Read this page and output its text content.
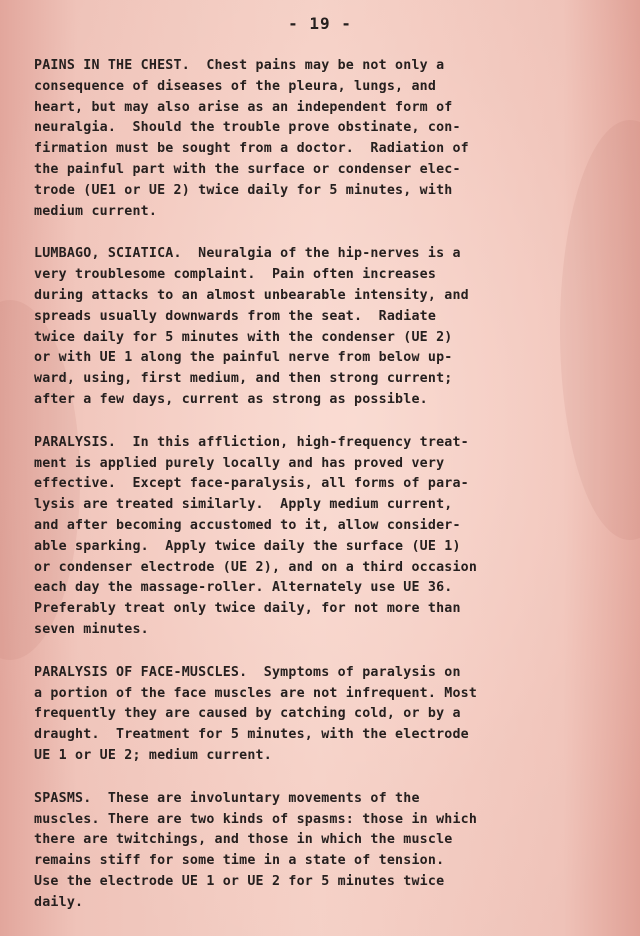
- 19 -
PAINS IN THE CHEST.  Chest pains may be not only a
consequence of diseases of the pleura, lungs, and
heart, but may also arise as an independent form of
neuralgia.  Should the trouble prove obstinate, con-
firmation must be sought from a doctor.  Radiation of
the painful part with the surface or condenser elec-
trode (UE1 or UE 2) twice daily for 5 minutes, with
medium current.
LUMBAGO, SCIATICA.  Neuralgia of the hip-nerves is a
very troublesome complaint.  Pain often increases
during attacks to an almost unbearable intensity, and
spreads usually downwards from the seat.  Radiate
twice daily for 5 minutes with the condenser (UE 2)
or with UE 1 along the painful nerve from below up-
ward, using, first medium, and then strong current;
after a few days, current as strong as possible.
PARALYSIS.  In this affliction, high-frequency treat-
ment is applied purely locally and has proved very
effective.  Except face-paralysis, all forms of para-
lysis are treated similarly.  Apply medium current,
and after becoming accustomed to it, allow consider-
able sparking.  Apply twice daily the surface (UE 1)
or condenser electrode (UE 2), and on a third occasion
each day the massage-roller. Alternately use UE 36.
Preferably treat only twice daily, for not more than
seven minutes.
PARALYSIS OF FACE-MUSCLES.  Symptoms of paralysis on
a portion of the face muscles are not infrequent. Most
frequently they are caused by catching cold, or by a
draught.  Treatment for 5 minutes, with the electrode
UE 1 or UE 2; medium current.
SPASMS.  These are involuntary movements of the
muscles. There are two kinds of spasms: those in which
there are twitchings, and those in which the muscle
remains stiff for some time in a state of tension.
Use the electrode UE 1 or UE 2 for 5 minutes twice
daily.
